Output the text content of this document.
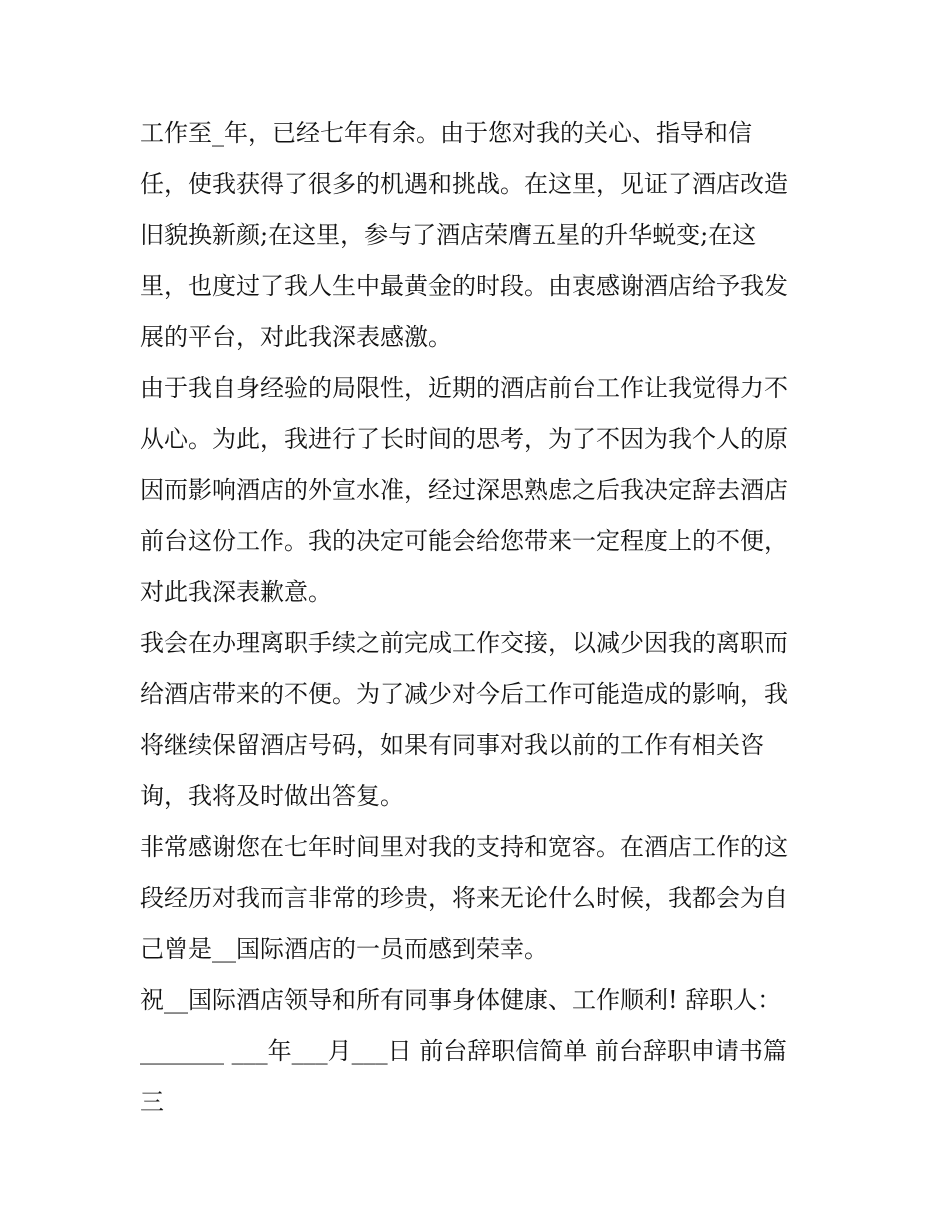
工作至_年，已经七年有余。由于您对我的关心、指导和信
任，使我获得了很多的机遇和挑战。在这里，见证了酒店改造
旧貌换新颜;在这里，参与了酒店荣膺五星的升华蜕变;在这
里，也度过了我人生中最黄金的时段。由衷感谢酒店给予我发
展的平台，对此我深表感激。
由于我自身经验的局限性，近期的酒店前台工作让我觉得力不
从心。为此，我进行了长时间的思考，为了不因为我个人的原
因而影响酒店的外宣水准，经过深思熟虑之后我决定辞去酒店
前台这份工作。我的决定可能会给您带来一定程度上的不便，
对此我深表歉意。
我会在办理离职手续之前完成工作交接，以减少因我的离职而
给酒店带来的不便。为了减少对今后工作可能造成的影响，我
将继续保留酒店号码，如果有同事对我以前的工作有相关咨
询，我将及时做出答复。
非常感谢您在七年时间里对我的支持和宽容。在酒店工作的这
段经历对我而言非常的珍贵，将来无论什么时候，我都会为自
己曾是__国际酒店的一员而感到荣幸。
祝__国际酒店领导和所有同事身体健康、工作顺利! 辞职人：
_______ ___年___月___日 前台辞职信简单 前台辞职申请书篇
三
